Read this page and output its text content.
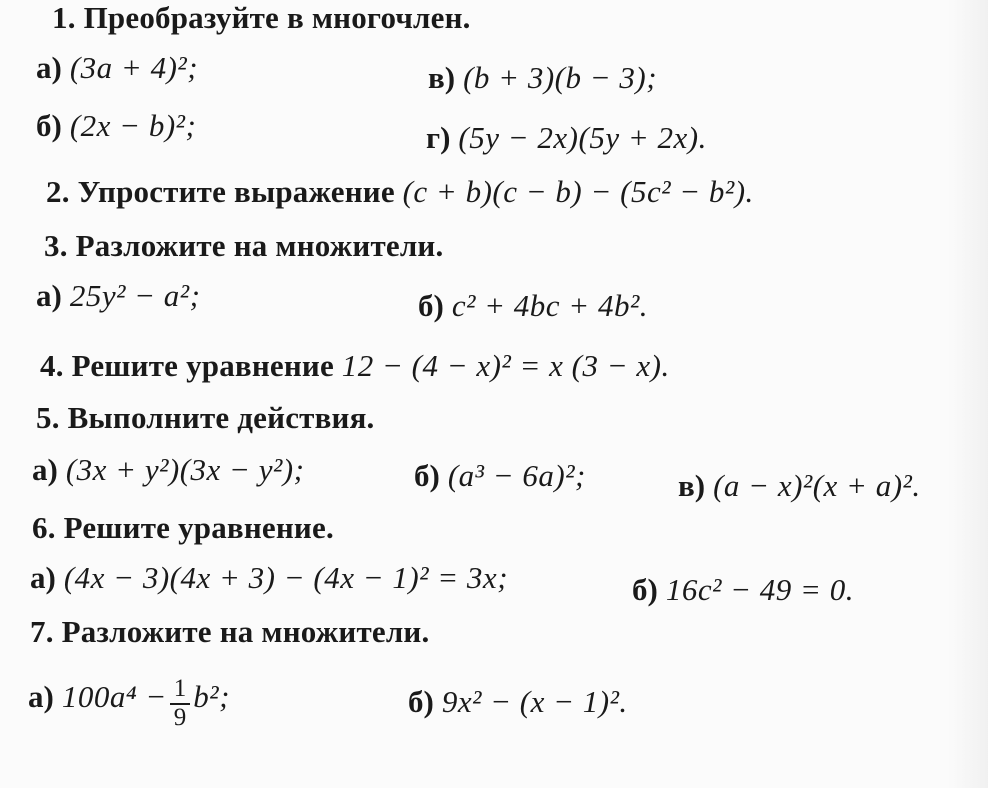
1. Преобразуйте в многочлен.
а) (3a + 4)²;	в) (b + 3)(b − 3);
б) (2x − b)²;	г) (5y − 2x)(5y + 2x).
2. Упростите выражение (c + b)(c − b) − (5c² − b²).
3. Разложите на множители.
а) 25y² − a²;	б) c² + 4bc + 4b².
4. Решите уравнение 12 − (4 − x)² = x (3 − x).
5. Выполните действия.
а) (3x + y²)(3x − y²);	б) (a³ − 6a)²;	в) (a − x)²(x + a)².
6. Решите уравнение.
а) (4x − 3)(4x + 3) − (4x − 1)² = 3x;	б) 16c² − 49 = 0.
7. Разложите на множители.
а) $100a^4 - \frac{1}{9} b^2$;	б) 9x² − (x − 1)².
